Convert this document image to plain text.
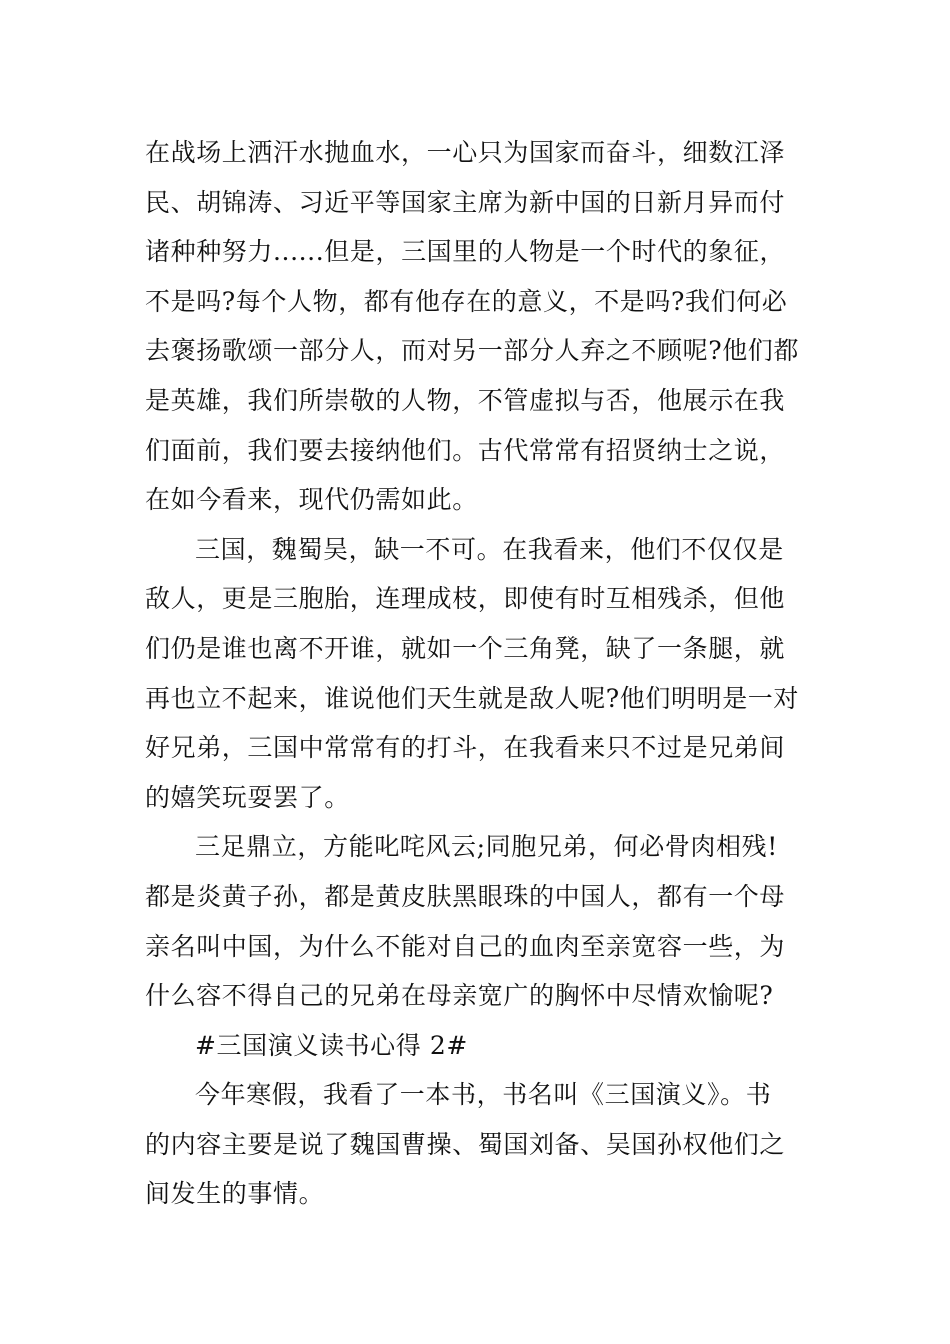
在战场上洒汗水抛血水，一心只为国家而奋斗，细数江泽
民、胡锦涛、习近平等国家主席为新中国的日新月异而付
诸种种努力......但是，三国里的人物是一个时代的象征，
不是吗?每个人物，都有他存在的意义，不是吗?我们何必
去褒扬歌颂一部分人，而对另一部分人弃之不顾呢?他们都
是英雄，我们所崇敬的人物，不管虚拟与否，他展示在我
们面前，我们要去接纳他们。古代常常有招贤纳士之说，
在如今看来，现代仍需如此。
三国，魏蜀吴，缺一不可。在我看来，他们不仅仅是
敌人，更是三胞胎，连理成枝，即使有时互相残杀，但他
们仍是谁也离不开谁，就如一个三角凳，缺了一条腿，就
再也立不起来，谁说他们天生就是敌人呢?他们明明是一对
好兄弟，三国中常常有的打斗，在我看来只不过是兄弟间
的嬉笑玩耍罢了。
三足鼎立，方能叱咤风云;同胞兄弟，何必骨肉相残!
都是炎黄子孙，都是黄皮肤黑眼珠的中国人，都有一个母
亲名叫中国，为什么不能对自己的血肉至亲宽容一些，为
什么容不得自己的兄弟在母亲宽广的胸怀中尽情欢愉呢?
#三国演义读书心得 2#
今年寒假，我看了一本书，书名叫《三国演义》。书
的内容主要是说了魏国曹操、蜀国刘备、吴国孙权他们之
间发生的事情。
